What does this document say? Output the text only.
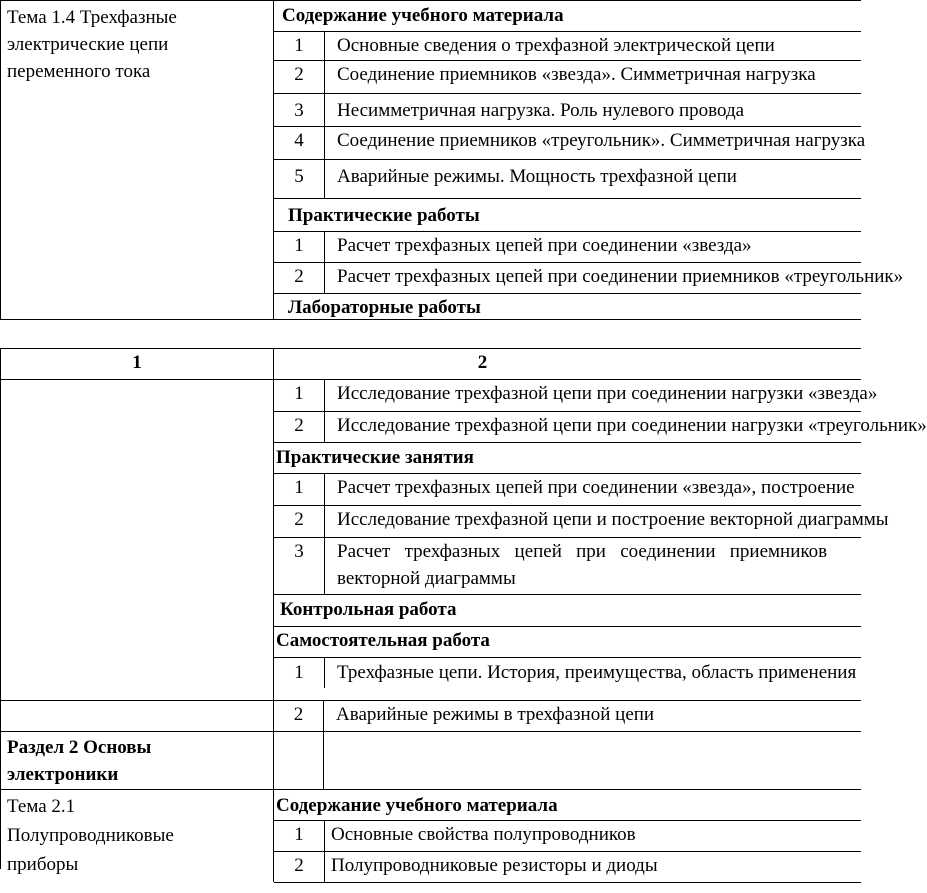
Тема 1.4 Трехфазные
электрические цепи
переменного тока
Содержание учебного материала
1	Основные сведения о трехфазной электрической цепи
2	Соединение приемников «звезда». Симметричная нагрузка
3	Несимметричная нагрузка. Роль нулевого провода
4	Соединение приемников «треугольник». Симметричная нагрузка
5	Аварийные режимы. Мощность трехфазной цепи
Практические работы
1	Расчет трехфазных цепей при соединении «звезда»
2	Расчет трехфазных цепей при соединении приемников «треугольник»
Лабораторные работы
1	2
1	Исследование трехфазной цепи при соединении нагрузки «звезда»
2	Исследование трехфазной цепи при соединении нагрузки «треугольник»
Практические занятия
1	Расчет трехфазных цепей при соединении «звезда», построение
2	Исследование трехфазной цепи и построение векторной диаграммы
3	Расчет   трехфазных   цепей   при   соединении   приемников
векторной диаграммы
Контрольная работа
Самостоятельная работа
1	Трехфазные цепи. История, преимущества, область применения
2	Аварийные режимы в трехфазной цепи
Раздел 2 Основы
электроники
Тема 2.1
Полупроводниковые
приборы
Содержание учебного материала
1	Основные свойства полупроводников
2	Полупроводниковые резисторы и диоды
